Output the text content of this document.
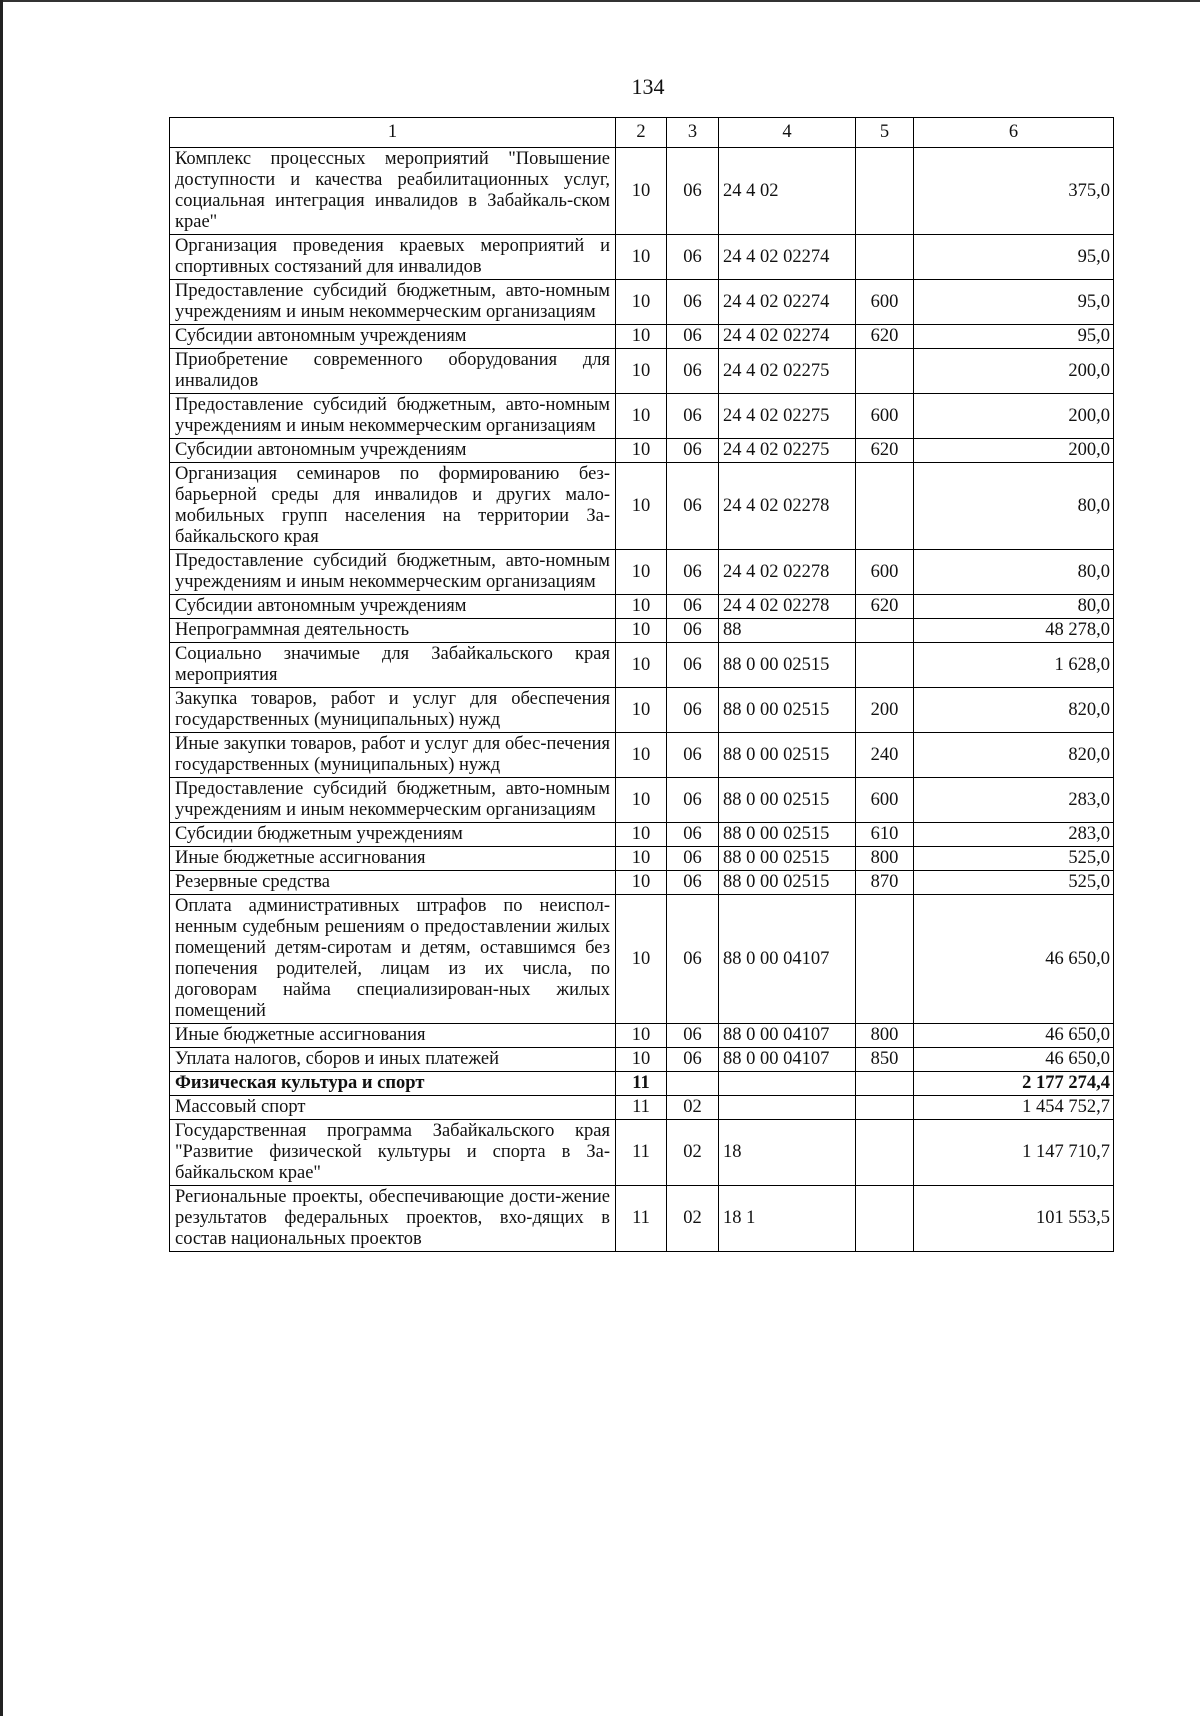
134
1	2	3	4	5	6
Комплекс процессных мероприятий "Повышение доступности и качества реабилитационных услуг, социальная интеграция инвалидов в Забайкаль-ском крае"	10	06	24 4 02		375,0
Организация проведения краевых мероприятий и спортивных состязаний для инвалидов	10	06	24 4 02 02274		95,0
Предоставление субсидий бюджетным, авто-номным учреждениям и иным некоммерческим организациям	10	06	24 4 02 02274	600	95,0
Субсидии автономным учреждениям	10	06	24 4 02 02274	620	95,0
Приобретение современного оборудования для инвалидов	10	06	24 4 02 02275		200,0
Предоставление субсидий бюджетным, авто-номным учреждениям и иным некоммерческим организациям	10	06	24 4 02 02275	600	200,0
Субсидии автономным учреждениям	10	06	24 4 02 02275	620	200,0
Организация семинаров по формированию без-барьерной среды для инвалидов и других мало-мобильных групп населения на территории За-байкальского края	10	06	24 4 02 02278		80,0
Предоставление субсидий бюджетным, авто-номным учреждениям и иным некоммерческим организациям	10	06	24 4 02 02278	600	80,0
Субсидии автономным учреждениям	10	06	24 4 02 02278	620	80,0
Непрограммная деятельность	10	06	88		48 278,0
Социально значимые для Забайкальского края мероприятия	10	06	88 0 00 02515		1 628,0
Закупка товаров, работ и услуг для обеспечения государственных (муниципальных) нужд	10	06	88 0 00 02515	200	820,0
Иные закупки товаров, работ и услуг для обес-печения государственных (муниципальных) нужд	10	06	88 0 00 02515	240	820,0
Предоставление субсидий бюджетным, авто-номным учреждениям и иным некоммерческим организациям	10	06	88 0 00 02515	600	283,0
Субсидии бюджетным учреждениям	10	06	88 0 00 02515	610	283,0
Иные бюджетные ассигнования	10	06	88 0 00 02515	800	525,0
Резервные средства	10	06	88 0 00 02515	870	525,0
Оплата административных штрафов по неиспол-ненным судебным решениям о предоставлении жилых помещений детям-сиротам и детям, оставшимся без попечения родителей, лицам из их числа, по договорам найма специализирован-ных жилых помещений	10	06	88 0 00 04107		46 650,0
Иные бюджетные ассигнования	10	06	88 0 00 04107	800	46 650,0
Уплата налогов, сборов и иных платежей	10	06	88 0 00 04107	850	46 650,0
Физическая культура и спорт	11				2 177 274,4
Массовый спорт	11	02			1 454 752,7
Государственная программа Забайкальского края "Развитие физической культуры и спорта в За-байкальском крае"	11	02	18		1 147 710,7
Региональные проекты, обеспечивающие дости-жение результатов федеральных проектов, вхо-дящих в состав национальных проектов	11	02	18 1		101 553,5
